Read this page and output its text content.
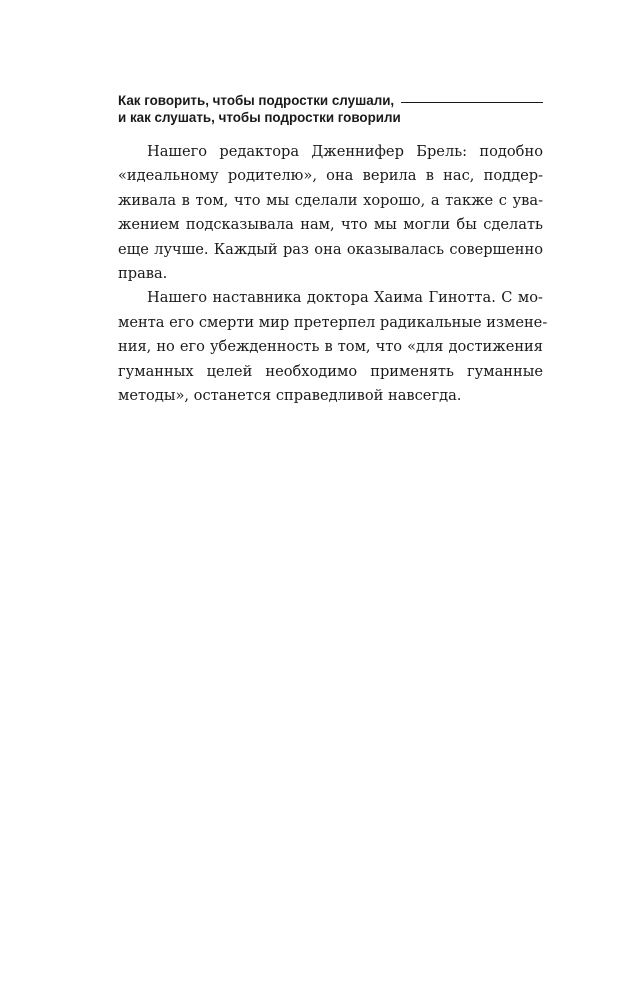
Как говорить, чтобы подростки слушали,
и как слушать, чтобы подростки говорили

Нашего редактора Дженнифер Брель: подобно
«идеальному родителю», она верила в нас, поддер-
живала в том, что мы сделали хорошо, а также с ува-
жением подсказывала нам, что мы могли бы сделать
еще лучше. Каждый раз она оказывалась совершенно
права.

Нашего наставника доктора Хаима Гинотта. С мо-
мента его смерти мир претерпел радикальные измене-
ния, но его убежденность в том, что «для достижения
гуманных целей необходимо применять гуманные
методы», останется справедливой навсегда.
